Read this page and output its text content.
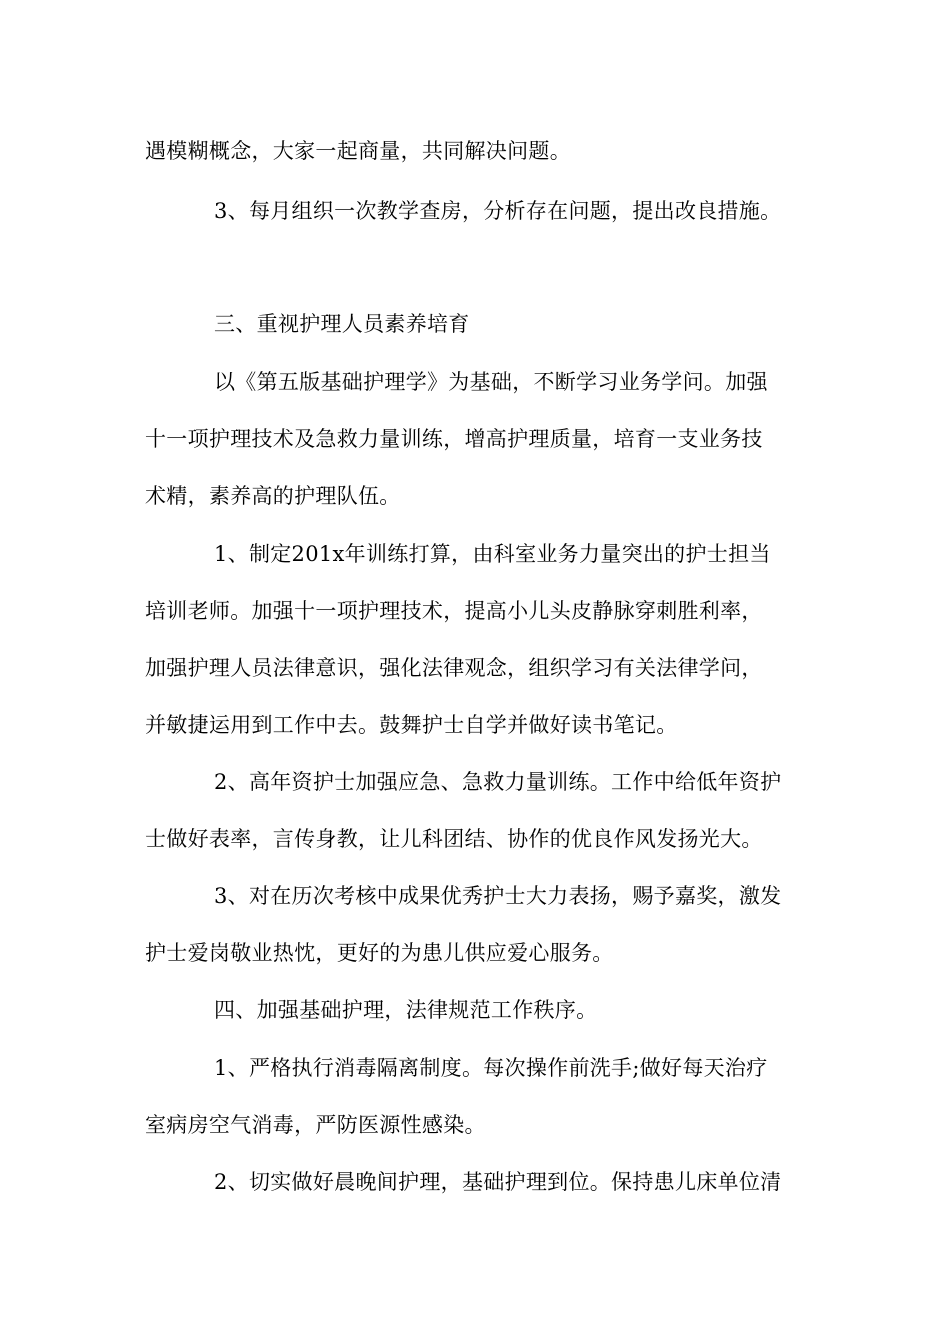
遇模糊概念，大家一起商量，共同解决问题。
3、每月组织一次教学查房，分析存在问题，提出改良措施。
三、重视护理人员素养培育
以《第五版基础护理学》为基础，不断学习业务学问。加强
十一项护理技术及急救力量训练，增高护理质量，培育一支业务技
术精，素养高的护理队伍。
1、制定201x年训练打算，由科室业务力量突出的护士担当
培训老师。加强十一项护理技术，提高小儿头皮静脉穿刺胜利率，
加强护理人员法律意识，强化法律观念，组织学习有关法律学问，
并敏捷运用到工作中去。鼓舞护士自学并做好读书笔记。
2、高年资护士加强应急、急救力量训练。工作中给低年资护
士做好表率，言传身教，让儿科团结、协作的优良作风发扬光大。
3、对在历次考核中成果优秀护士大力表扬，赐予嘉奖，激发
护士爱岗敬业热忱，更好的为患儿供应爱心服务。
四、加强基础护理，法律规范工作秩序。
1、严格执行消毒隔离制度。每次操作前洗手;做好每天治疗
室病房空气消毒，严防医源性感染。
2、切实做好晨晚间护理，基础护理到位。保持患儿床单位清
